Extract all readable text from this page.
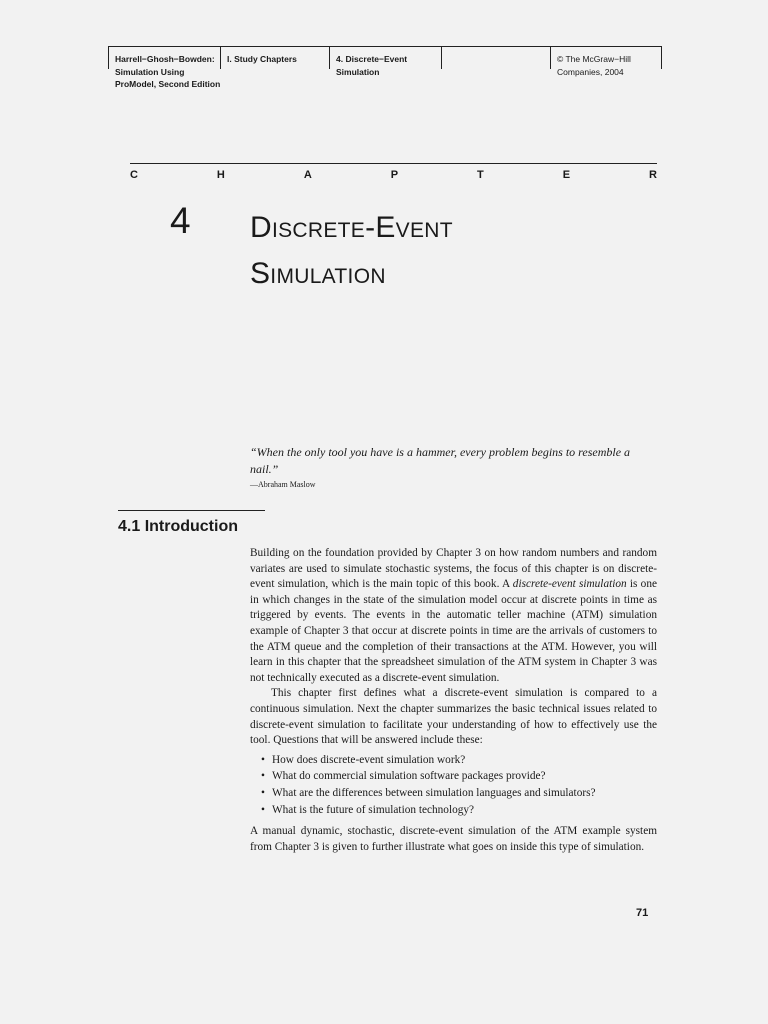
Harrell−Ghosh−Bowden:
Simulation Using
ProModel, Second Edition
I. Study Chapters	4. Discrete−Event
Simulation
© The McGraw−Hill
Companies, 2004
C	H	A	P	T	E	R
4 Discrete-Event
Simulation
“When the only tool you have is a hammer, every problem begins to resemble a nail.”
—Abraham Maslow
4.1 Introduction

Building on the foundation provided by Chapter 3 on how random numbers and random variates are used to simulate stochastic systems, the focus of this chapter is on discrete-event simulation, which is the main topic of this book. A discrete-event simulation is one in which changes in the state of the simulation model occur at discrete points in time as triggered by events. The events in the automatic teller machine (ATM) simulation example of Chapter 3 that occur at discrete points in time are the arrivals of customers to the ATM queue and the completion of their transactions at the ATM. However, you will learn in this chapter that the spreadsheet simulation of the ATM system in Chapter 3 was not technically executed as a discrete-event simulation.

This chapter first defines what a discrete-event simulation is compared to a continuous simulation. Next the chapter summarizes the basic technical issues related to discrete-event simulation to facilitate your understanding of how to effectively use the tool. Questions that will be answered include these:

• How does discrete-event simulation work?
• What do commercial simulation software packages provide?
• What are the differences between simulation languages and simulators?
• What is the future of simulation technology?

A manual dynamic, stochastic, discrete-event simulation of the ATM example system from Chapter 3 is given to further illustrate what goes on inside this type of simulation.

71
